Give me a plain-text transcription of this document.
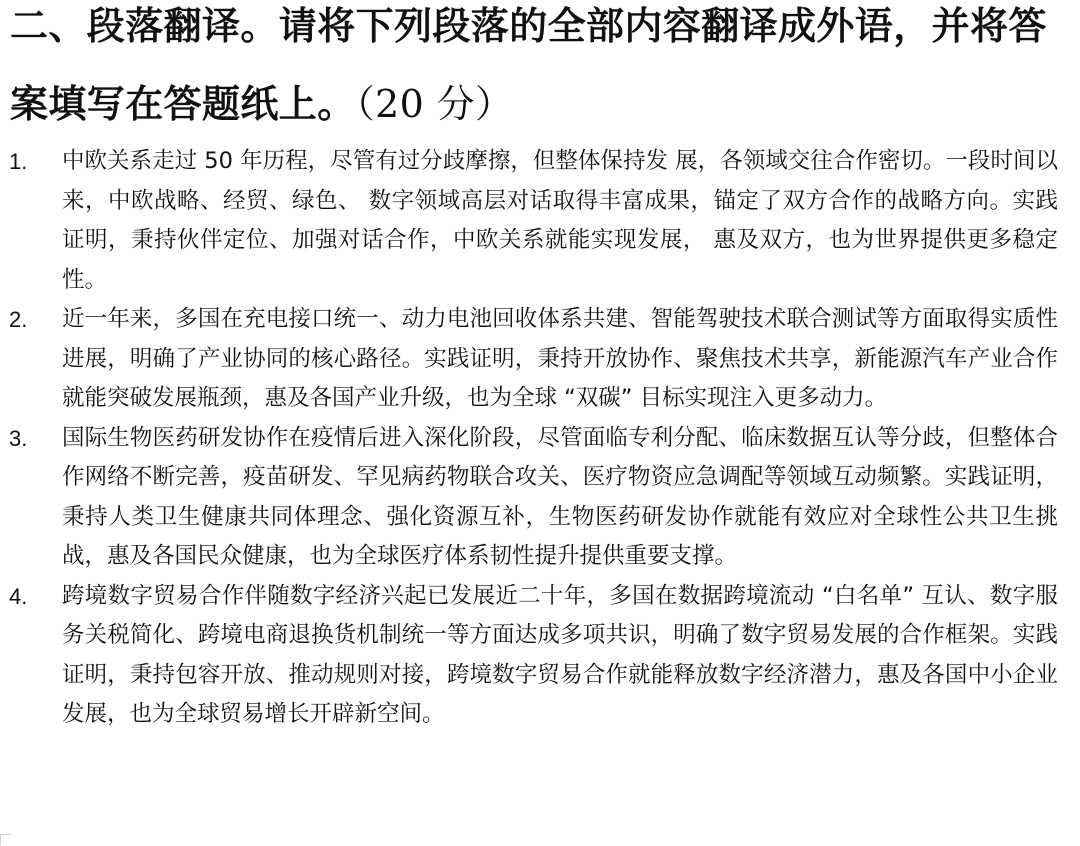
二、段落翻译。请将下列段落的全部内容翻译成外语，并将答
案填写在答题纸上。（20 分）
1. 中欧关系走过 50 年历程，尽管有过分歧摩擦，但整体保持发 展，各领域交往合作密切。一段时间以来，中欧战略、经贸、绿色、 数字领域高层对话取得丰富成果，锚定了双方合作的战略方向。实践证明，秉持伙伴定位、加强对话合作，中欧关系就能实现发展， 惠及双方，也为世界提供更多稳定性。
2. 近一年来，多国在充电接口统一、动力电池回收体系共建、智能驾驶技术联合测试等方面取得实质性进展，明确了产业协同的核心路径。实践证明，秉持开放协作、聚焦技术共享，新能源汽车产业合作就能突破发展瓶颈，惠及各国产业升级，也为全球 “双碳” 目标实现注入更多动力。
3. 国际生物医药研发协作在疫情后进入深化阶段，尽管面临专利分配、临床数据互认等分歧，但整体合作网络不断完善，疫苗研发、罕见病药物联合攻关、医疗物资应急调配等领域互动频繁。实践证明，秉持人类卫生健康共同体理念、强化资源互补，生物医药研发协作就能有效应对全球性公共卫生挑战，惠及各国民众健康，也为全球医疗体系韧性提升提供重要支撑。
4. 跨境数字贸易合作伴随数字经济兴起已发展近二十年，多国在数据跨境流动 “白名单” 互认、数字服务关税简化、跨境电商退换货机制统一等方面达成多项共识，明确了数字贸易发展的合作框架。实践证明，秉持包容开放、推动规则对接，跨境数字贸易合作就能释放数字经济潜力，惠及各国中小企业发展，也为全球贸易增长开辟新空间。
